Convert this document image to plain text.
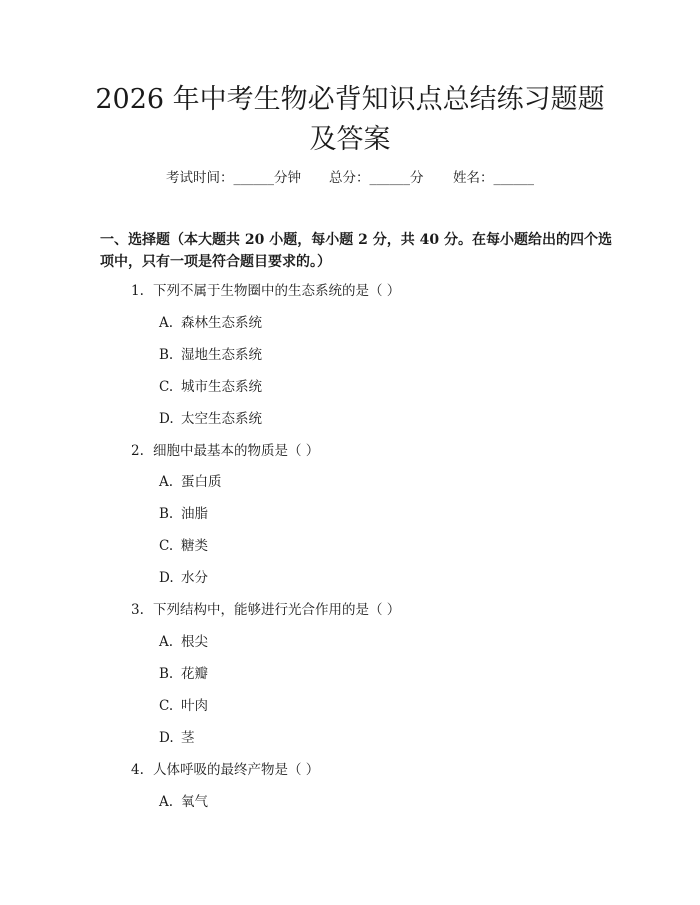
2026 年中考生物必背知识点总结练习题题及答案
考试时间：______分钟 总分：______分 姓名：______

一、选择题（本大题共 20 小题，每小题 2 分，共 40 分。在每小题给出的四个选项中，只有一项是符合题目要求的。）

1. 下列不属于生物圈中的生态系统的是（ ）
A. 森林生态系统
B. 湿地生态系统
C. 城市生态系统
D. 太空生态系统
2. 细胞中最基本的物质是（ ）
A. 蛋白质
B. 油脂
C. 糖类
D. 水分
3. 下列结构中，能够进行光合作用的是（ ）
A. 根尖
B. 花瓣
C. 叶肉
D. 茎
4. 人体呼吸的最终产物是（ ）
A. 氧气
